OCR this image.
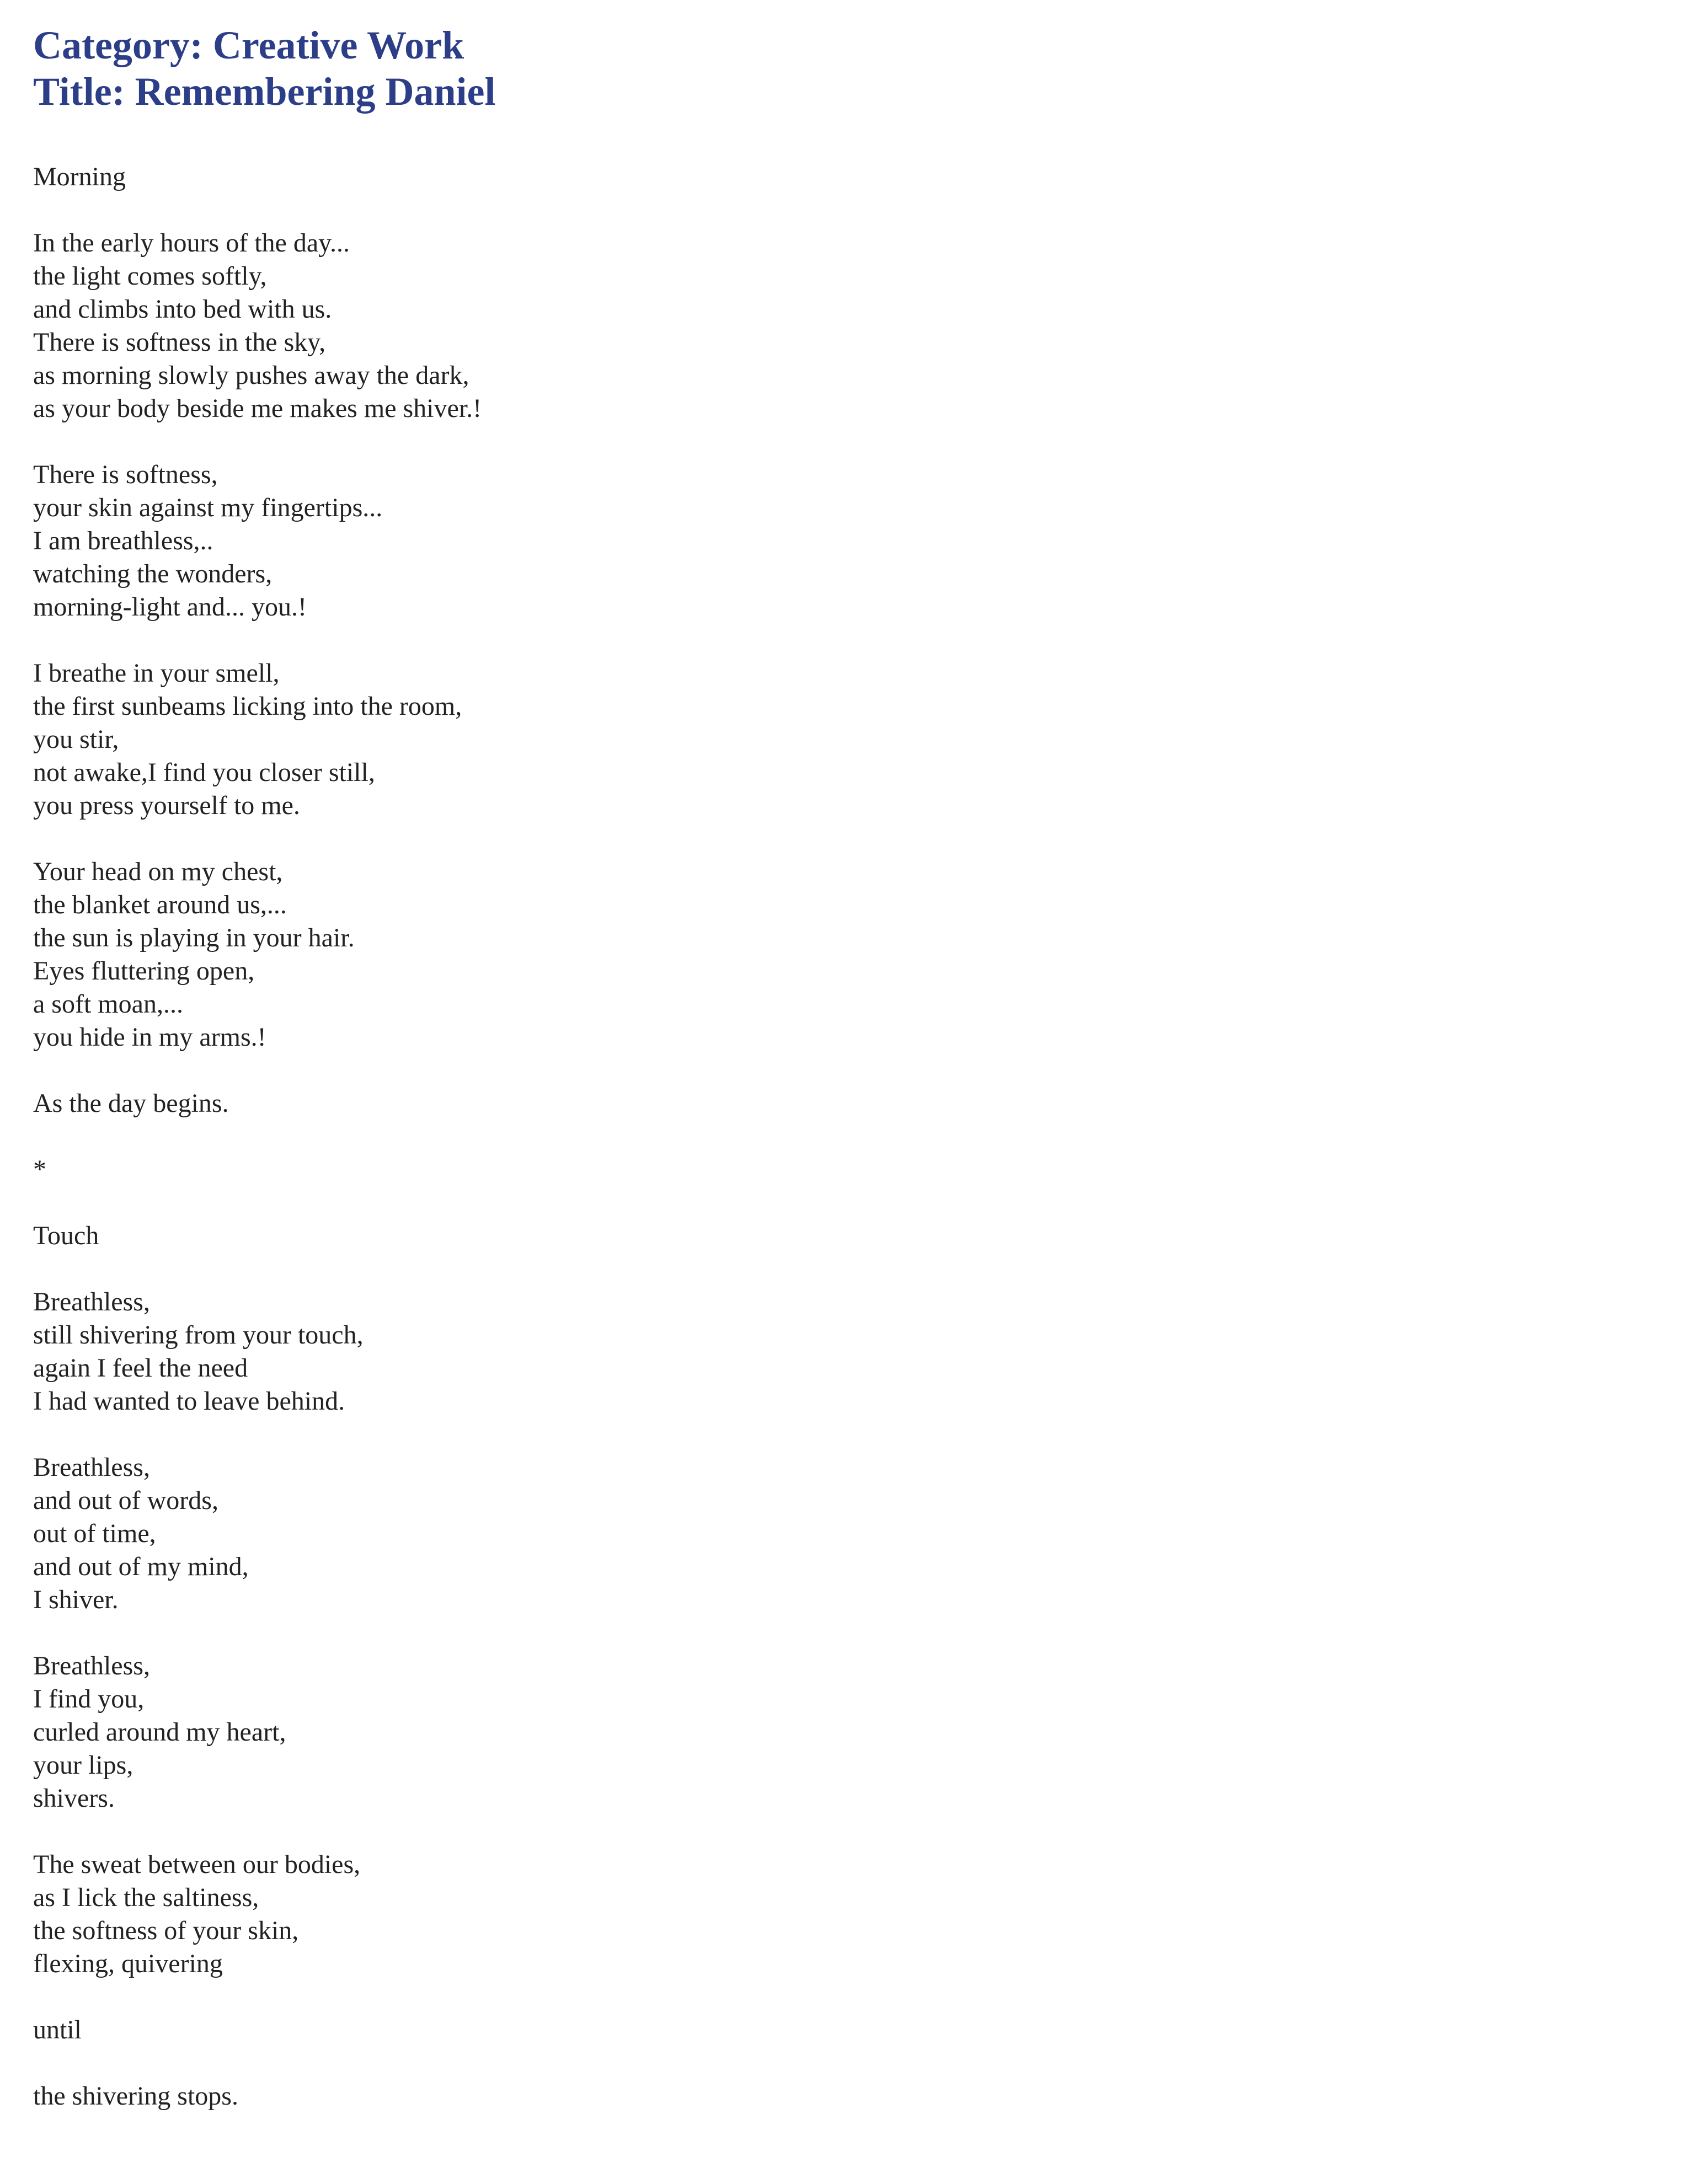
Category: Creative Work
Title: Remembering Daniel
Morning
In the early hours of the day...
the light comes softly,
and climbs into bed with us.
There is softness in the sky,
as morning slowly pushes away the dark,
as your body beside me makes me shiver.!
There is softness,
your skin against my fingertips...
I am breathless,..
watching the wonders,
morning-light and... you.!
I breathe in your smell,
the first sunbeams licking into the room,
you stir,
not awake,I find you closer still,
you press yourself to me.
Your head on my chest,
the blanket around us,...
the sun is playing in your hair.
Eyes fluttering open,
a soft moan,...
you hide in my arms.!
As the day begins.
*
Touch
Breathless,
still shivering from your touch,
again I feel the need
I had wanted to leave behind.
Breathless,
and out of words,
out of time,
and out of my mind,
I shiver.
Breathless,
I find you,
curled around my heart,
your lips,
shivers.
The sweat between our bodies,
as I lick the saltiness,
the softness of your skin,
flexing, quivering
until
the shivering stops.
